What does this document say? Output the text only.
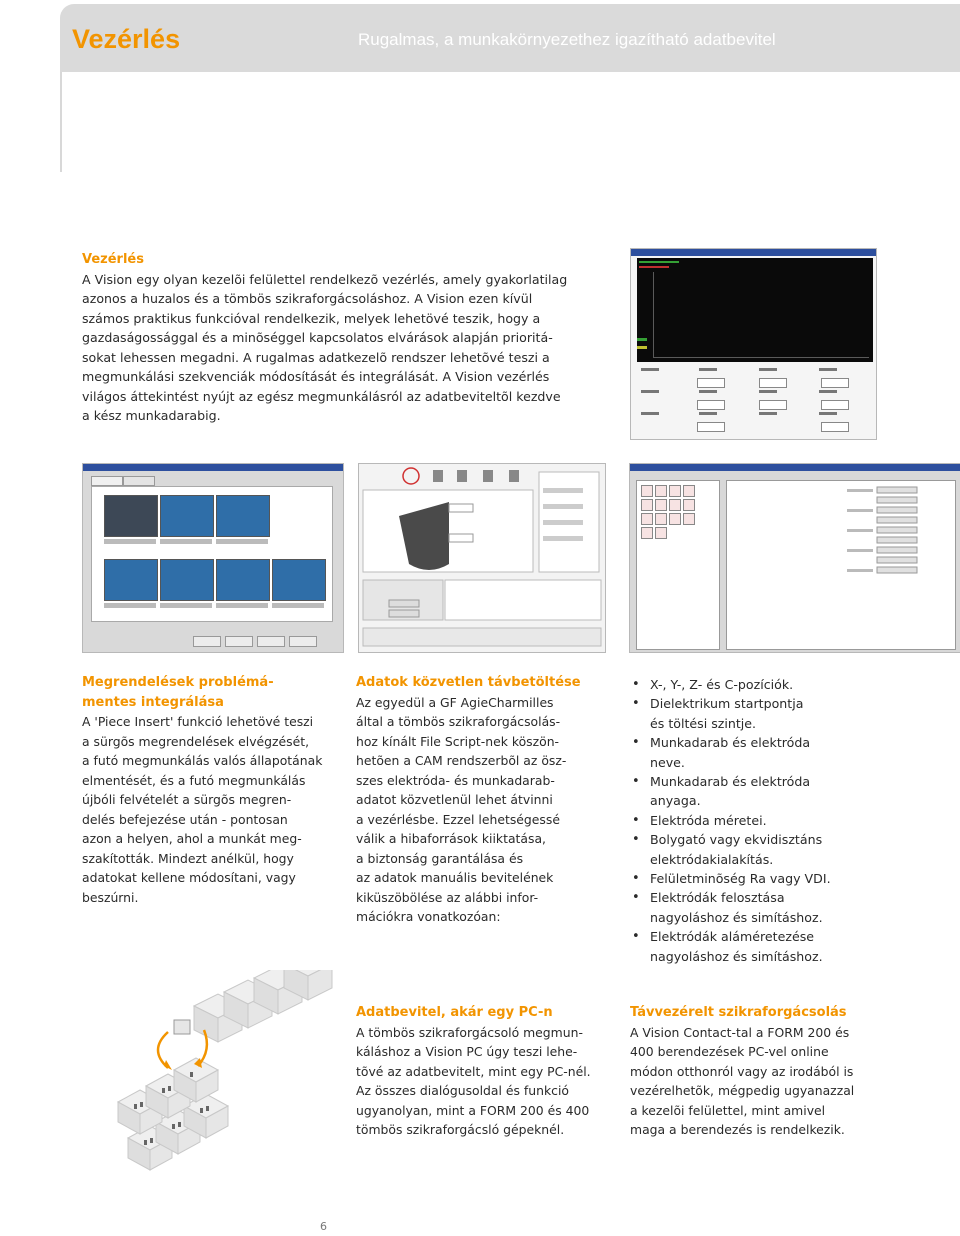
Vezérlés	Rugalmas, a munkakörnyezethez igazítható adatbevitel
Vezérlés
A Vision egy olyan kezelõi felülettel rendelkezõ vezérlés, amely gyakorlatilag
azonos a huzalos és a tömbös szikraforgácsoláshoz. A Vision ezen kívül
számos praktikus funkcióval rendelkezik, melyek lehetövé teszik, hogy a
gazdaságossággal és a minõséggel kapcsolatos elvárások alapján prioritá-
sokat lehessen megadni. A rugalmas adatkezelõ rendszer lehetõvé teszi a
megmunkálási szekvenciák módosítását és integrálását. A Vision vezérlés
világos áttekintést nyújt az egész megmunkálásról az adatbeviteltõl kezdve
a kész munkadarabig.
Megrendelések problémá-
mentes integrálása
A 'Piece Insert' funkció lehetövé teszi
a sürgõs megrendelések elvégzését,
a futó megmunkálás valós állapotának
elmentését, és a futó megmunkálás
újbóli felvételét a sürgõs megren-
delés befejezése után - pontosan
azon a helyen, ahol a munkát meg-
szakították. Mindezt anélkül, hogy
adatokat kellene módosítani, vagy
beszúrni.
Adatok közvetlen távbetöltése
Az egyedül a GF AgieCharmilles
által a tömbös szikraforgácsolás-
hoz kínált File Script-nek köszön-
hetõen a CAM rendszerbõl az ösz-
szes elektróda- és munkadarab-
adatot közvetlenül lehet átvinni
a vezérlésbe. Ezzel lehetségessé
válik a hibaforrások kiiktatása,
a biztonság garantálása és
az adatok manuális bevitelének
kiküszöbölése az alábbi infor-
mációkra vonatkozóan:
• X-, Y-, Z- és C-pozíciók.
• Dielektrikum startpontja
és töltési szintje.
• Munkadarab és elektróda
neve.
• Munkadarab és elektróda
anyaga.
• Elektróda méretei.
• Bolygató vagy ekvidisztáns
elektródakialakítás.
• Felületminõség Ra vagy VDI.
• Elektródák felosztása
nagyoláshoz és simításhoz.
• Elektródák aláméretezése
nagyoláshoz és simításhoz.
Adatbevitel, akár egy PC-n
A tömbös szikraforgácsoló megmun-
káláshoz a Vision PC úgy teszi lehe-
tõvé az adatbevitelt, mint egy PC-nél.
Az összes dialógusoldal és funkció
ugyanolyan, mint a FORM 200 és 400
tömbös szikraforgácsló gépeknél.
Távvezérelt szikraforgácsolás
A Vision Contact-tal a FORM 200 és
400 berendezések PC-vel online
módon otthonról vagy az irodából is
vezérelhetõk, mégpedig ugyanazzal
a kezelõi felülettel, mint amivel
maga a berendezés is rendelkezik.
6
